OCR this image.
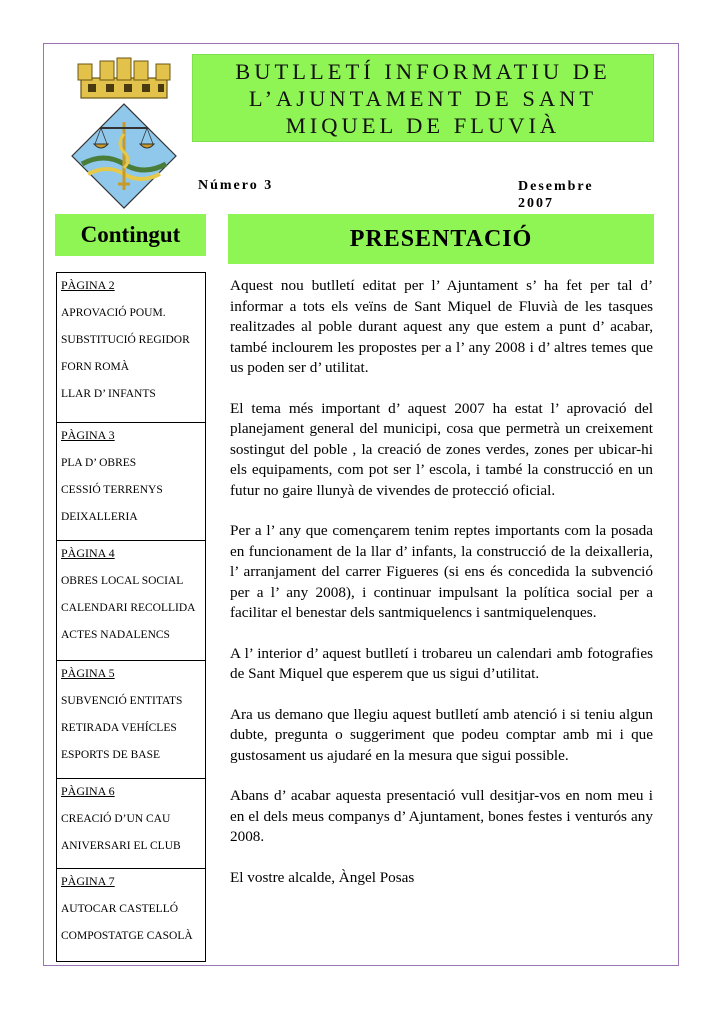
BUTLLETÍ INFORMATIU DE
L’AJUNTAMENT DE SANT
MIQUEL DE FLUVIÀ
Número 3	Desembre
2007
Contingut	PRESENTACIÓ
PÀGINA 2
APROVACIÓ POUM.
SUBSTITUCIÓ REGIDOR
FORN ROMÀ
LLAR D’ INFANTS
PÀGINA 3
PLA D’ OBRES
CESSIÓ TERRENYS
DEIXALLERIA
PÀGINA 4
OBRES LOCAL SOCIAL
CALENDARI RECOLLIDA
ACTES NADALENCS
PÀGINA 5
SUBVENCIÓ ENTITATS
RETIRADA VEHÍCLES
ESPORTS DE BASE
PÀGINA 6
CREACIÓ D’UN CAU
ANIVERSARI EL CLUB
PÀGINA 7
AUTOCAR CASTELLÓ
COMPOSTATGE CASOLÀ

Aquest nou butlletí editat per l’ Ajuntament s’ ha fet per tal d’ informar a tots els veïns de Sant Miquel de Fluvià de les tasques realitzades al poble durant aquest any que estem a punt d’ acabar, també inclourem les propostes per a l’ any 2008 i d’ altres temes que us poden ser d’ utilitat.

El tema més important d’ aquest 2007 ha estat l’ aprovació del planejament general del municipi, cosa que permetrà un creixement sostingut del poble , la creació de zones verdes, zones per ubicar-hi els equipaments, com pot ser l’ escola, i també la construcció en un futur no gaire llunyà de vivendes de protecció oficial.

Per a l’ any que començarem tenim reptes importants com la posada en funcionament de la llar d’ infants, la construcció de la deixalleria, l’ arranjament del carrer Figueres (si ens és concedida la subvenció per a l’ any 2008), i continuar impulsant la política social per a facilitar el benestar dels santmiquelencs i santmiquelenques.

A l’ interior d’ aquest butlletí i trobareu un calendari amb fotografies de Sant Miquel que esperem que us sigui d’utilitat.

Ara us demano que llegiu aquest butlletí amb atenció i si teniu algun dubte, pregunta o suggeriment que podeu comptar amb mi i que gustosament us ajudaré en la mesura que sigui possible.

Abans d’ acabar aquesta presentació vull desitjar-vos en nom meu i en el dels meus companys d’ Ajuntament, bones festes i venturós any 2008.

El vostre alcalde, Àngel Posas
